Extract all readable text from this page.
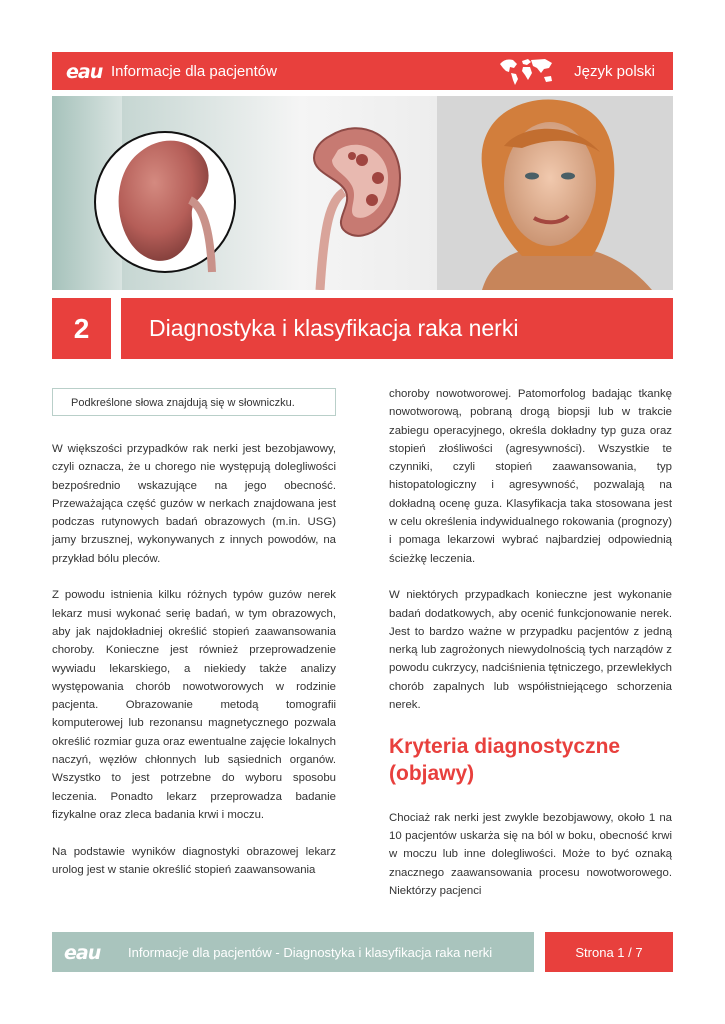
eau Informacje dla pacjentów	Język polski
2	Diagnostyka i klasyfikacja raka nerki
Podkreślone słowa znajdują się w słowniczku.

W większości przypadków rak nerki jest bezobjawowy, czyli oznacza, że u chorego nie występują dolegliwości bezpośrednio wskazujące na jego obecność. Przeważająca część guzów w nerkach znajdowana jest podczas rutynowych badań obrazowych (m.in. USG) jamy brzusznej, wykonywanych z innych powodów, na przykład bólu pleców.

Z powodu istnienia kilku różnych typów guzów nerek lekarz musi wykonać serię badań, w tym obrazowych, aby jak najdokładniej określić stopień zaawansowania choroby. Konieczne jest również przeprowadzenie wywiadu lekarskiego, a niekiedy także analizy występowania chorób nowotworowych w rodzinie pacjenta. Obrazowanie metodą tomografii komputerowej lub rezonansu magnetycznego pozwala określić rozmiar guza oraz ewentualne zajęcie lokalnych naczyń, węzłów chłonnych lub sąsiednich organów. Wszystko to jest potrzebne do wyboru sposobu leczenia. Ponadto lekarz przeprowadza badanie fizykalne oraz zleca badania krwi i moczu.

Na podstawie wyników diagnostyki obrazowej lekarz urolog jest w stanie określić stopień zaawansowania

choroby nowotworowej. Patomorfolog badając tkankę nowotworową, pobraną drogą biopsji lub w trakcie zabiegu operacyjnego, określa dokładny typ guza oraz stopień złośliwości (agresywności). Wszystkie te czynniki, czyli stopień zaawansowania, typ histopatologiczny i agresywność, pozwalają na dokładną ocenę guza. Klasyfikacja taka stosowana jest w celu określenia indywidualnego rokowania (prognozy) i pomaga lekarzowi wybrać najbardziej odpowiednią ścieżkę leczenia.

W niektórych przypadkach konieczne jest wykonanie badań dodatkowych, aby ocenić funkcjonowanie nerek. Jest to bardzo ważne w przypadku pacjentów z jedną nerką lub zagrożonych niewydolnością tych narządów z powodu cukrzycy, nadciśnienia tętniczego, przewlekłych chorób zapalnych lub współistniejącego schorzenia nerek.

Kryteria diagnostyczne (objawy)

Chociaż rak nerki jest zwykle bezobjawowy, około 1 na 10 pacjentów uskarża się na ból w boku, obecność krwi w moczu lub inne dolegliwości. Może to być oznaką znacznego zaawansowania procesu nowotworowego. Niektórzy pacjenci

eau Informacje dla pacjentów - Diagnostyka i klasyfikacja raka nerki	Strona 1 / 7
